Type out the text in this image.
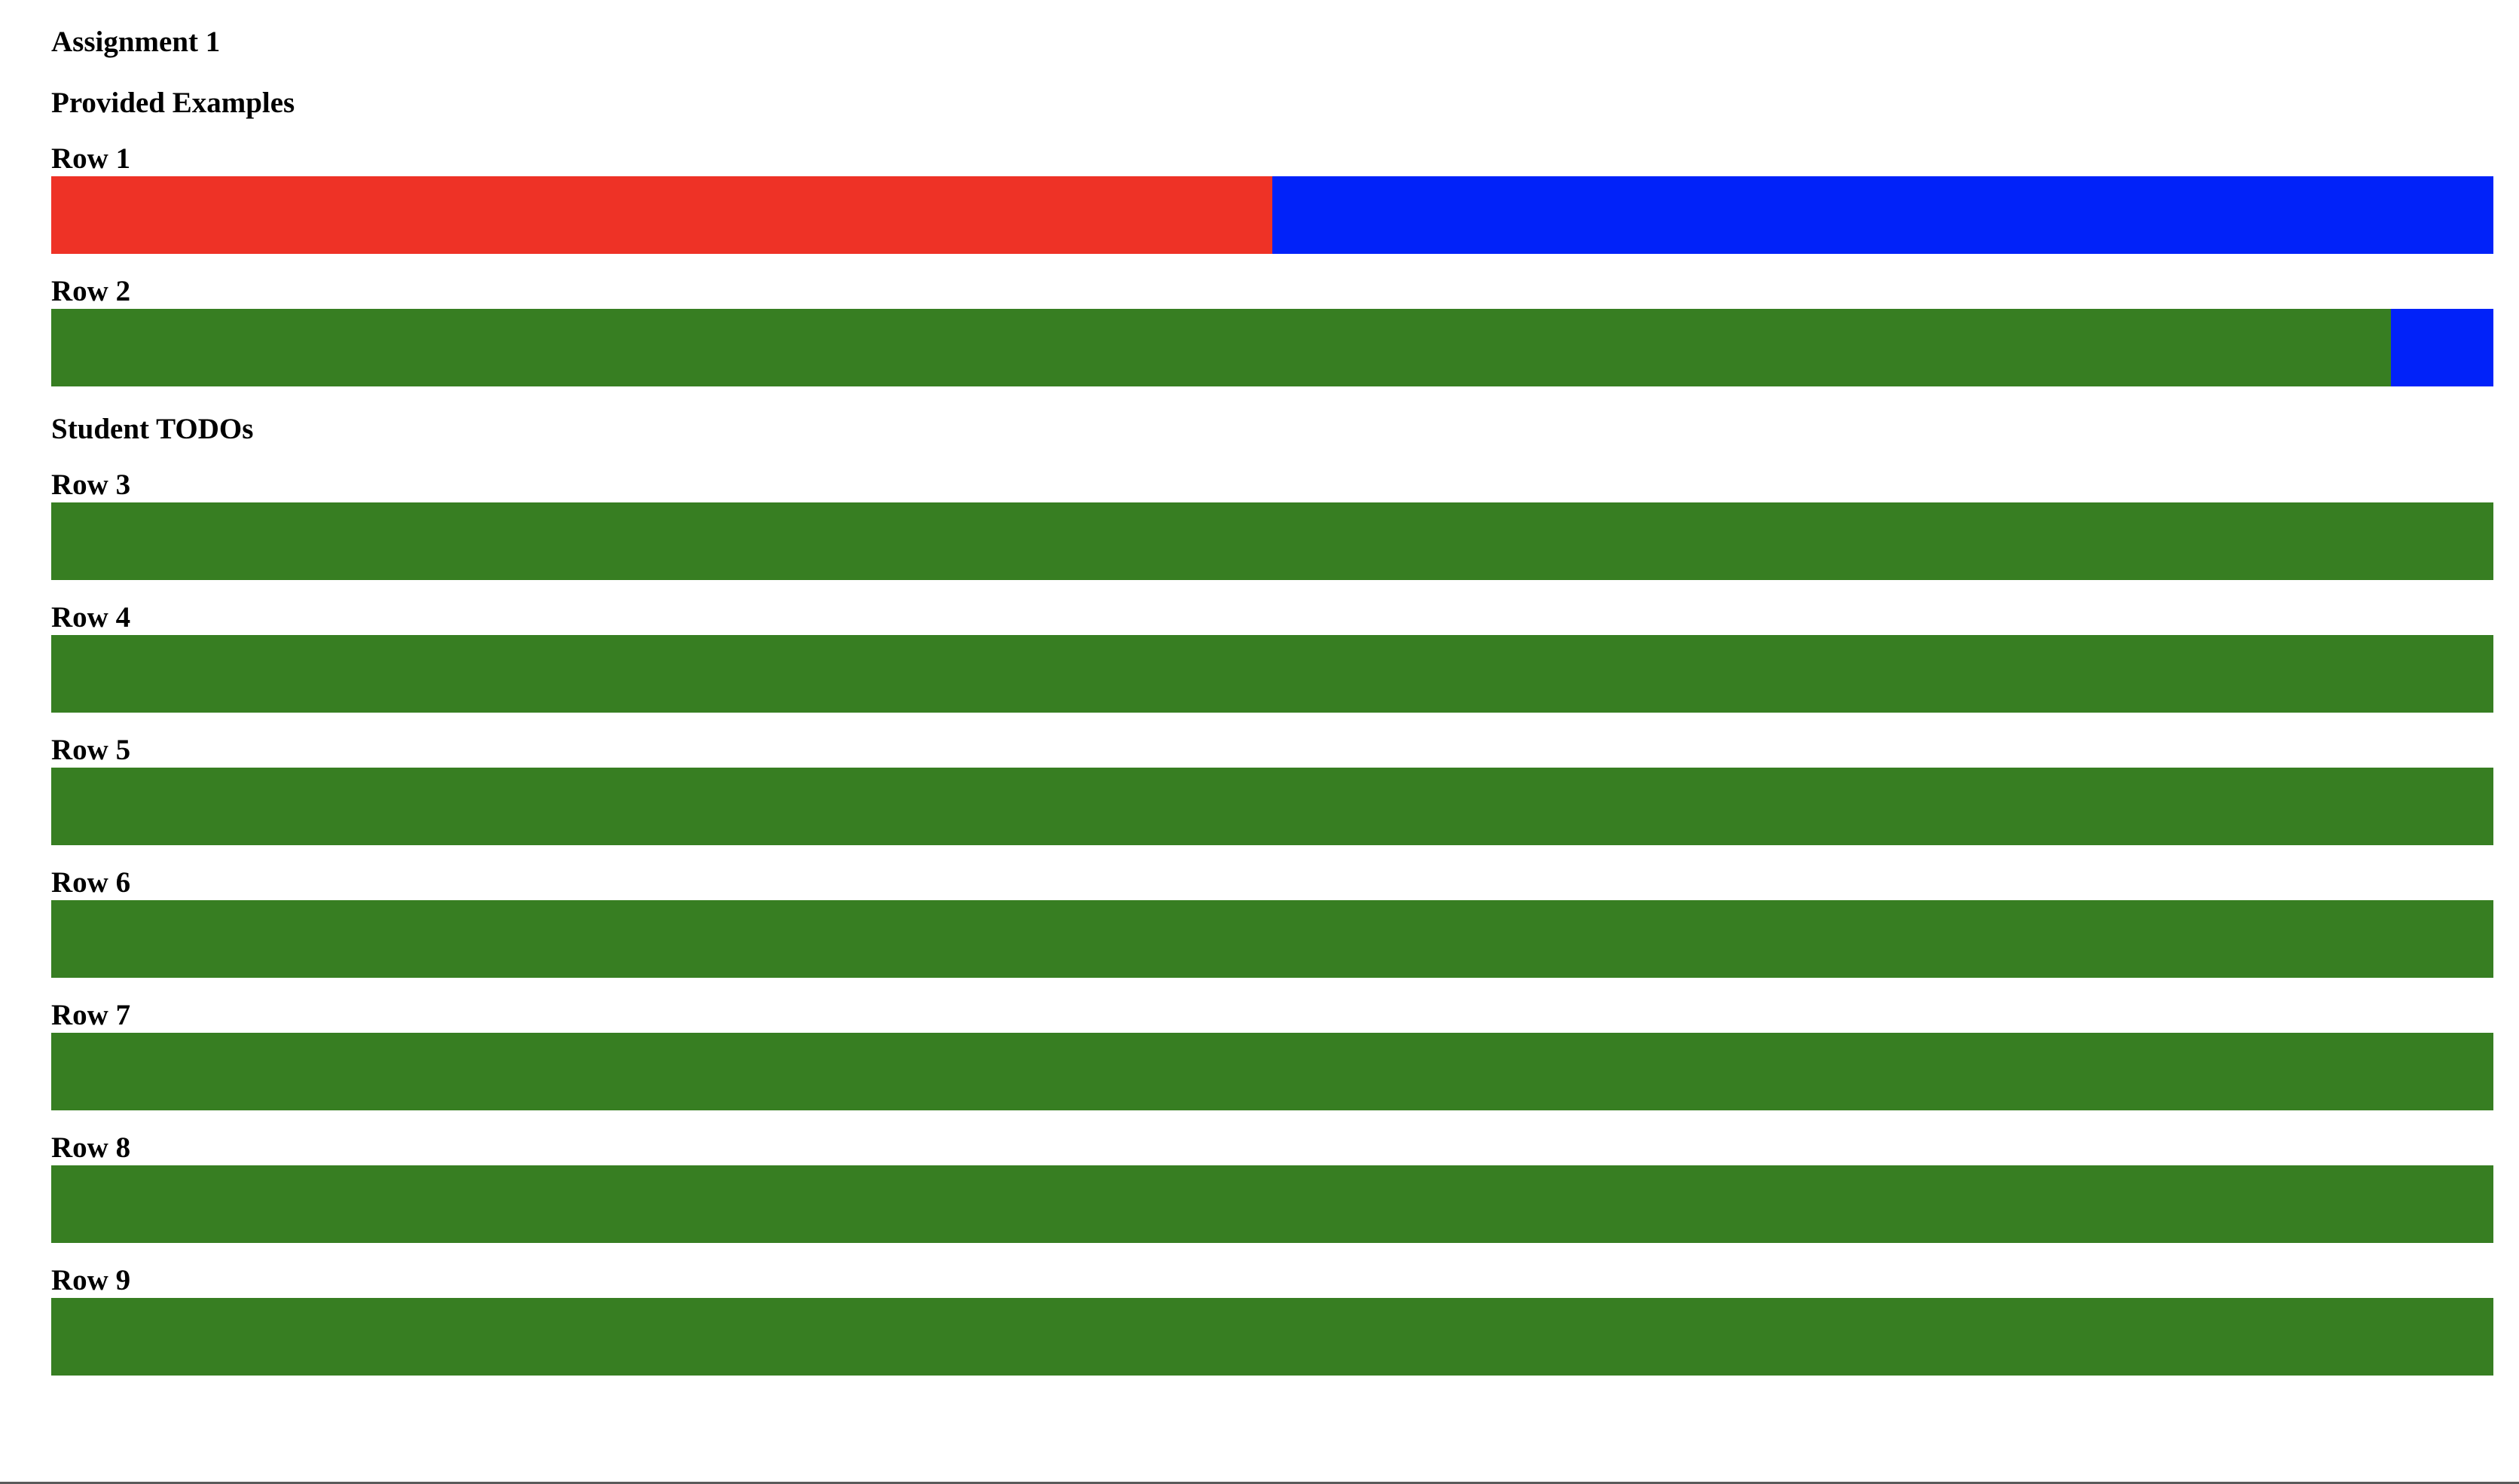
Assignment 1
Provided Examples
Row 1
Row 2
Student TODOs
Row 3
Row 4
Row 5
Row 6
Row 7
Row 8
Row 9
